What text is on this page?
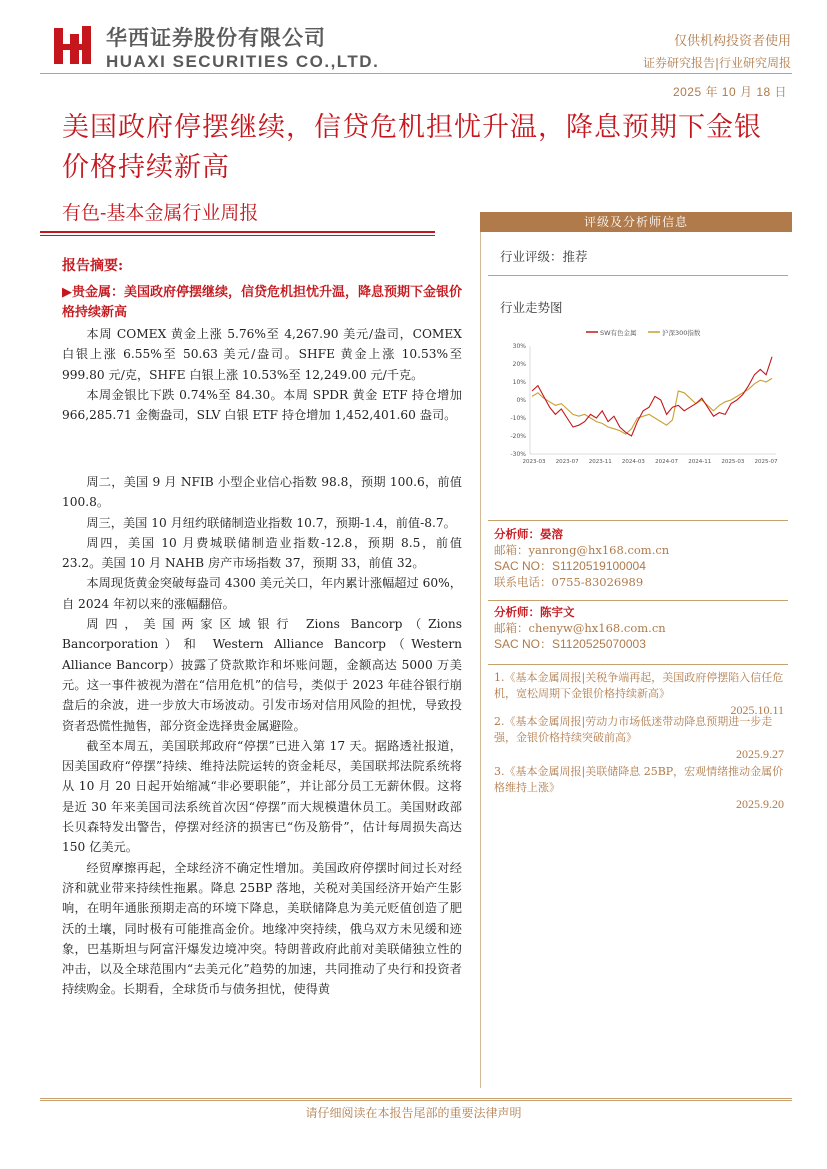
华西证券股份有限公司
HUAXI SECURITIES CO.,LTD.
仅供机构投资者使用
证券研究报告|行业研究周报
2025 年 10 月 18 日
美国政府停摆继续，信贷危机担忧升温，降息预期下金银价格持续新高
有色-基本金属行业周报
报告摘要:
▶贵金属：美国政府停摆继续，信贷危机担忧升温，降息预期下金银价格持续新高

本周 COMEX 黄金上涨 5.76%至 4,267.90 美元/盎司，COMEX 白银上涨 6.55%至 50.63 美元/盎司。SHFE 黄金上涨 10.53%至 999.80 元/克，SHFE 白银上涨 10.53%至 12,249.00 元/千克。

本周金银比下跌 0.74%至 84.30。本周 SPDR 黄金 ETF 持仓增加 966,285.71 金衡盎司，SLV 白银 ETF 持仓增加 1,452,401.60 盎司。

周二，美国 9 月 NFIB 小型企业信心指数 98.8，预期 100.6，前值 100.8。

周三，美国 10 月纽约联储制造业指数 10.7，预期-1.4，前值-8.7。

周四，美国 10 月费城联储制造业指数-12.8，预期 8.5，前值 23.2。美国 10 月 NAHB 房产市场指数 37，预期 33，前值 32。

本周现货黄金突破每盎司 4300 美元关口，年内累计涨幅超过 60%，自 2024 年初以来的涨幅翻倍。

周四，美国两家区域银行 Zions Bancorp（Zions Bancorporation）和 Western Alliance Bancorp（Western Alliance Bancorp）披露了贷款欺诈和坏账问题，金额高达 5000 万美元。这一事件被视为潜在“信用危机”的信号，类似于 2023 年硅谷银行崩盘后的余波，进一步放大市场波动。引发市场对信用风险的担忧，导致投资者恐慌性抛售，部分资金选择贵金属避险。

截至本周五，美国联邦政府“停摆”已进入第 17 天。据路透社报道，因美国政府“停摆”持续、维持法院运转的资金耗尽，美国联邦法院系统将从 10 月 20 日起开始缩减“非必要职能”，并让部分员工无薪休假。这将是近 30 年来美国司法系统首次因“停摆”而大规模遣休员工。美国财政部长贝森特发出警告，停摆对经济的损害已“伤及筋骨”，估计每周损失高达 150 亿美元。

经贸摩擦再起，全球经济不确定性增加。美国政府停摆时间过长对经济和就业带来持续性拖累。降息 25BP 落地，关税对美国经济开始产生影响，在明年通胀预期走高的环境下降息，美联储降息为美元贬值创造了肥沃的土壤，同时极有可能推高金价。地缘冲突持续，俄乌双方未见缓和迹象，巴基斯坦与阿富汗爆发边境冲突。特朗普政府此前对美联储独立性的冲击，以及全球范围内“去美元化”趋势的加速，共同推动了央行和投资者持续购金。长期看，全球货币与债务担忧，使得黄

评级及分析师信息
行业评级：推荐
行业走势图
SW有色金属	沪深300指数
30%
20%
10%
0%
-10%
-20%
-30%
2023-03 2023-07 2023-11 2024-03 2024-07 2024-11 2025-03 2025-07
分析师：晏溶
邮箱：yanrong@hx168.com.cn
SAC NO：S1120519100004
联系电话：0755-83026989
分析师：陈宇文
邮箱：chenyw@hx168.com.cn
SAC NO：S1120525070003
1.《基本金属周报|关税争端再起，美国政府停摆陷入信任危机，宽松周期下金银价格持续新高》
2025.10.11
2.《基本金属周报|劳动力市场低迷带动降息预期进一步走强，金银价格持续突破前高》
2025.9.27
3.《基本金属周报|美联储降息 25BP，宏观情绪推动金属价格维持上涨》
2025.9.20
请仔细阅读在本报告尾部的重要法律声明
